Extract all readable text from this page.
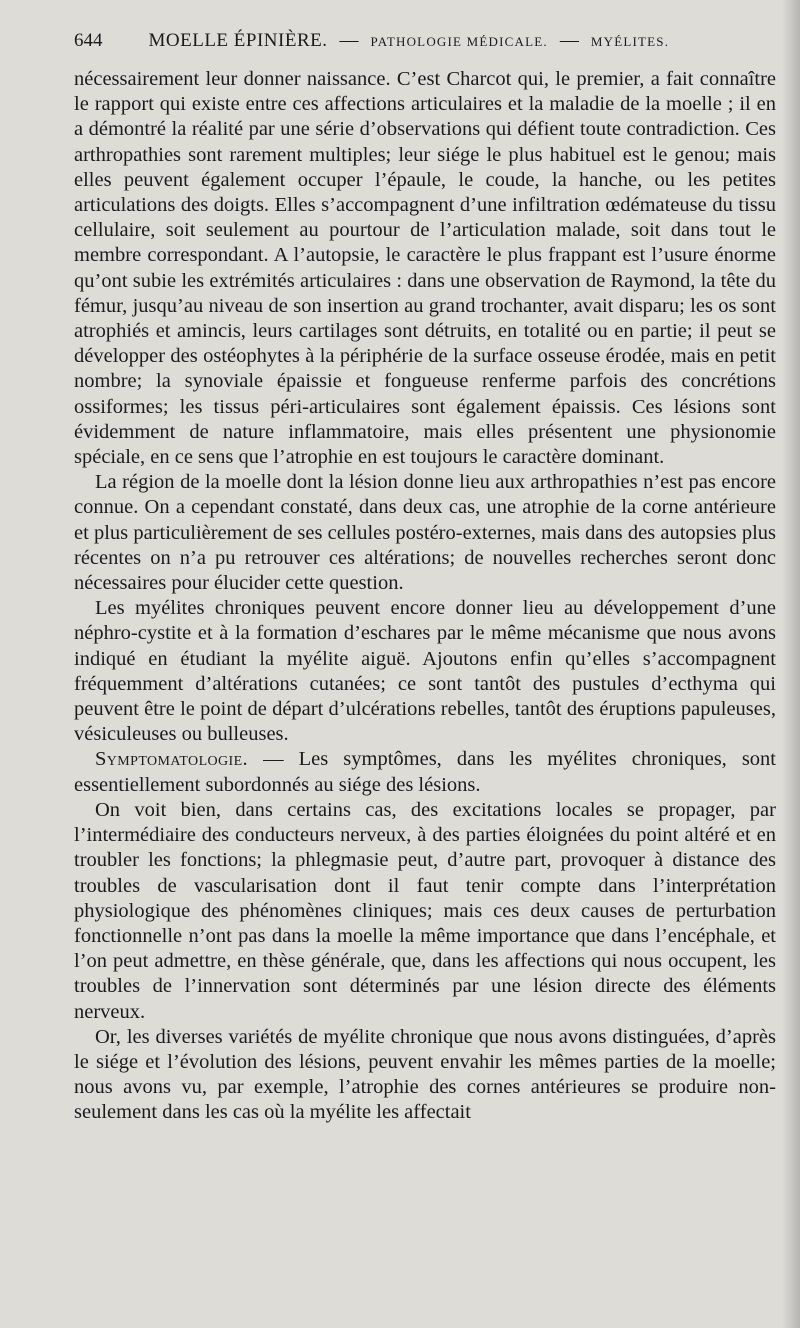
644 MOELLE ÉPINIÈRE. — PATHOLOGIE MÉDICALE. — MYÉLITES.

nécessairement leur donner naissance. C’est Charcot qui, le premier, a fait connaître le rapport qui existe entre ces affections articulaires et la maladie de la moelle ; il en a démontré la réalité par une série d’observations qui défient toute contradiction. Ces arthropathies sont rarement multiples; leur siége le plus habituel est le genou; mais elles peuvent également occuper l’épaule, le coude, la hanche, ou les petites articulations des doigts. Elles s’accompagnent d’une infiltration œdémateuse du tissu cellulaire, soit seulement au pourtour de l’articulation malade, soit dans tout le membre correspondant. A l’autopsie, le caractère le plus frappant est l’usure énorme qu’ont subie les extrémités articulaires : dans une observation de Raymond, la tête du fémur, jusqu’au niveau de son insertion au grand trochanter, avait disparu; les os sont atrophiés et amincis, leurs cartilages sont détruits, en totalité ou en partie; il peut se développer des ostéophytes à la périphérie de la surface osseuse érodée, mais en petit nombre; la synoviale épaissie et fongueuse renferme parfois des concrétions ossiformes; les tissus péri-articulaires sont également épaissis. Ces lésions sont évidemment de nature inflammatoire, mais elles présentent une physionomie spéciale, en ce sens que l’atrophie en est toujours le caractère dominant.

La région de la moelle dont la lésion donne lieu aux arthropathies n’est pas encore connue. On a cependant constaté, dans deux cas, une atrophie de la corne antérieure et plus particulièrement de ses cellules postéro-externes, mais dans des autopsies plus récentes on n’a pu retrouver ces altérations; de nouvelles recherches seront donc nécessaires pour élucider cette question.

Les myélites chroniques peuvent encore donner lieu au développement d’une néphro-cystite et à la formation d’eschares par le même mécanisme que nous avons indiqué en étudiant la myélite aiguë. Ajoutons enfin qu’elles s’accompagnent fréquemment d’altérations cutanées; ce sont tantôt des pustules d’ecthyma qui peuvent être le point de départ d’ulcérations rebelles, tantôt des éruptions papuleuses, vésiculeuses ou bulleuses.

Symptomatologie. — Les symptômes, dans les myélites chroniques, sont essentiellement subordonnés au siége des lésions.

On voit bien, dans certains cas, des excitations locales se propager, par l’intermédiaire des conducteurs nerveux, à des parties éloignées du point altéré et en troubler les fonctions; la phlegmasie peut, d’autre part, provoquer à distance des troubles de vascularisation dont il faut tenir compte dans l’interprétation physiologique des phénomènes cliniques; mais ces deux causes de perturbation fonctionnelle n’ont pas dans la moelle la même importance que dans l’encéphale, et l’on peut admettre, en thèse générale, que, dans les affections qui nous occupent, les troubles de l’innervation sont déterminés par une lésion directe des éléments nerveux.

Or, les diverses variétés de myélite chronique que nous avons distinguées, d’après le siége et l’évolution des lésions, peuvent envahir les mêmes parties de la moelle; nous avons vu, par exemple, l’atrophie des cornes antérieures se produire non-seulement dans les cas où la myélite les affectait
